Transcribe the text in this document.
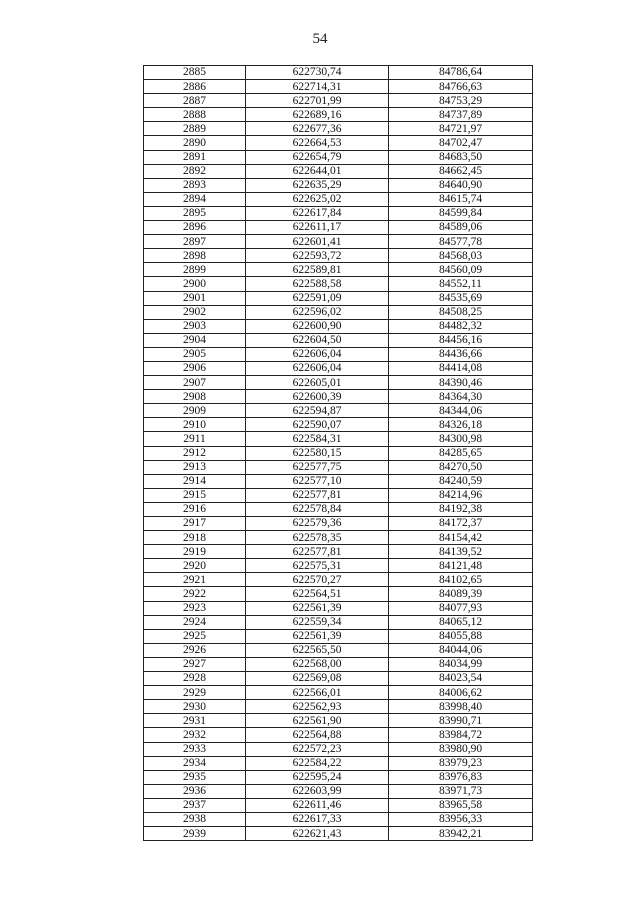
54
2885	622730,74	84786,64
2886	622714,31	84766,63
2887	622701,99	84753,29
2888	622689,16	84737,89
2889	622677,36	84721,97
2890	622664,53	84702,47
2891	622654,79	84683,50
2892	622644,01	84662,45
2893	622635,29	84640,90
2894	622625,02	84615,74
2895	622617,84	84599,84
2896	622611,17	84589,06
2897	622601,41	84577,78
2898	622593,72	84568,03
2899	622589,81	84560,09
2900	622588,58	84552,11
2901	622591,09	84535,69
2902	622596,02	84508,25
2903	622600,90	84482,32
2904	622604,50	84456,16
2905	622606,04	84436,66
2906	622606,04	84414,08
2907	622605,01	84390,46
2908	622600,39	84364,30
2909	622594,87	84344,06
2910	622590,07	84326,18
2911	622584,31	84300,98
2912	622580,15	84285,65
2913	622577,75	84270,50
2914	622577,10	84240,59
2915	622577,81	84214,96
2916	622578,84	84192,38
2917	622579,36	84172,37
2918	622578,35	84154,42
2919	622577,81	84139,52
2920	622575,31	84121,48
2921	622570,27	84102,65
2922	622564,51	84089,39
2923	622561,39	84077,93
2924	622559,34	84065,12
2925	622561,39	84055,88
2926	622565,50	84044,06
2927	622568,00	84034,99
2928	622569,08	84023,54
2929	622566,01	84006,62
2930	622562,93	83998,40
2931	622561,90	83990,71
2932	622564,88	83984,72
2933	622572,23	83980,90
2934	622584,22	83979,23
2935	622595,24	83976,83
2936	622603,99	83971,73
2937	622611,46	83965,58
2938	622617,33	83956,33
2939	622621,43	83942,21
